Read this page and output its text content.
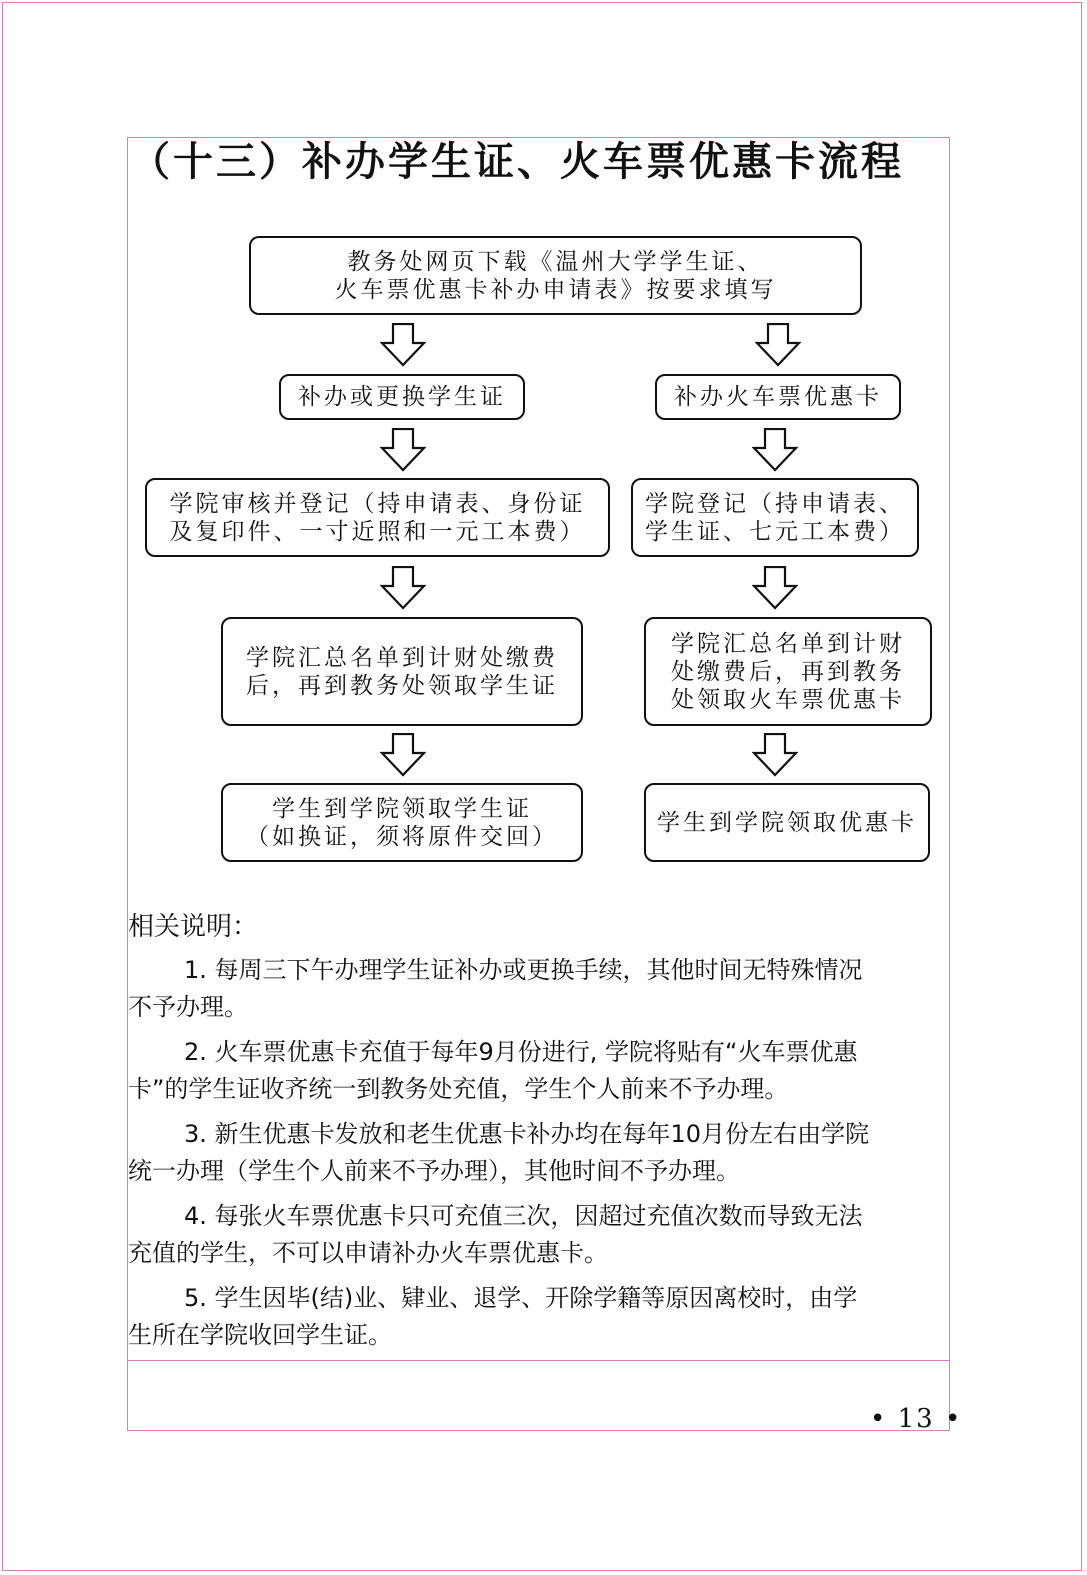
（十三）补办学生证、火车票优惠卡流程
教务处网页下载《温州大学学生证、
火车票优惠卡补办申请表》按要求填写
补办或更换学生证	补办火车票优惠卡
学院审核并登记（持申请表、身份证
及复印件、一寸近照和一元工本费）
学院登记（持申请表、
学生证、七元工本费）
学院汇总名单到计财处缴费
后，再到教务处领取学生证
学院汇总名单到计财
处缴费后，再到教务
处领取火车票优惠卡
学生到学院领取学生证
（如换证，须将原件交回）
学生到学院领取优惠卡
相关说明：
1. 每周三下午办理学生证补办或更换手续，其他时间无特殊情况
不予办理。
2. 火车票优惠卡充值于每年9月份进行, 学院将贴有“火车票优惠
卡”的学生证收齐统一到教务处充值，学生个人前来不予办理。
3. 新生优惠卡发放和老生优惠卡补办均在每年10月份左右由学院
统一办理（学生个人前来不予办理），其他时间不予办理。
4. 每张火车票优惠卡只可充值三次，因超过充值次数而导致无法
充值的学生，不可以申请补办火车票优惠卡。
5. 学生因毕(结)业、肄业、退学、开除学籍等原因离校时，由学
生所在学院收回学生证。
• 13 •
